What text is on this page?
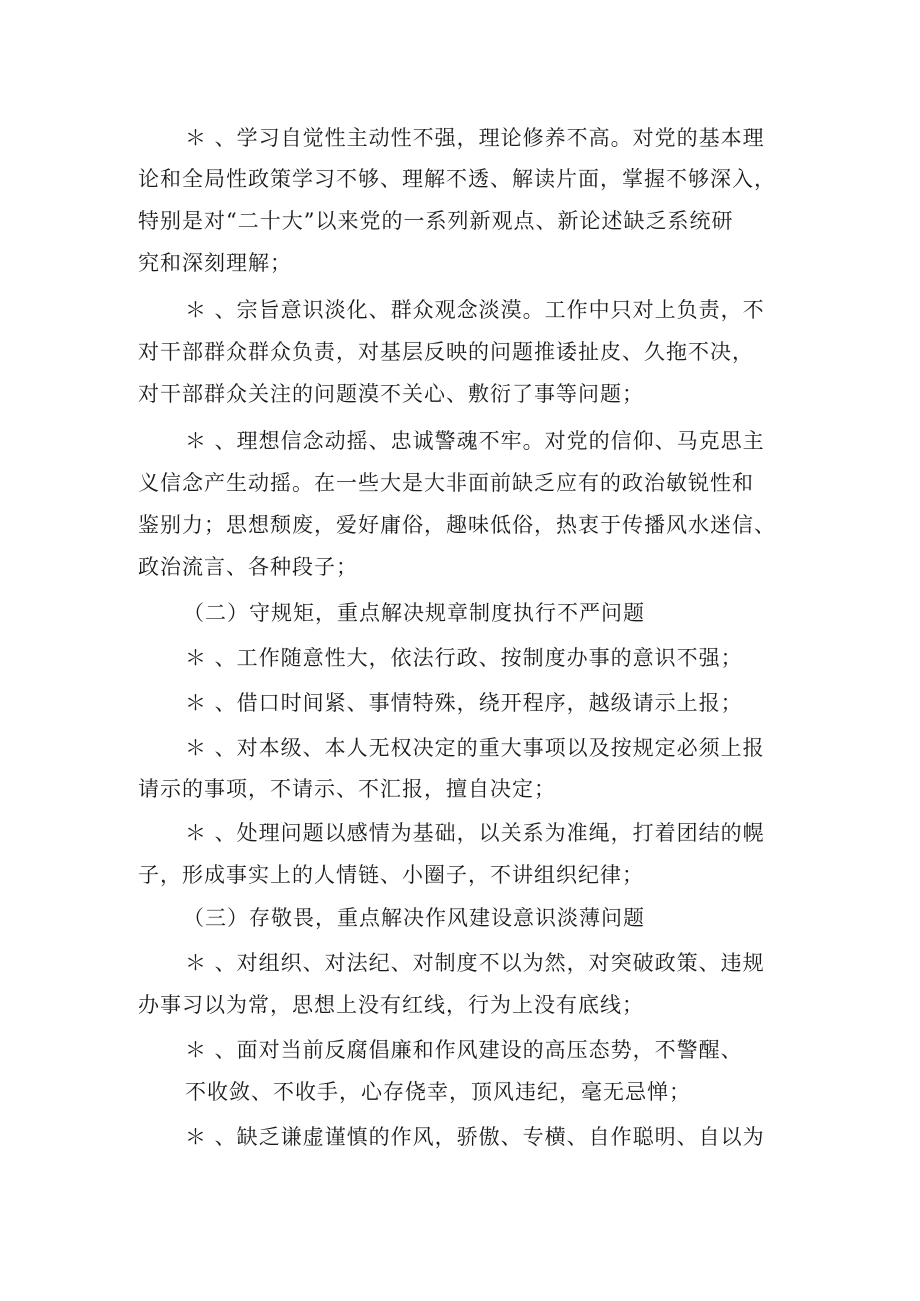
＊ 、学习自觉性主动性不强，理论修养不高。对党的基本理
论和全局性政策学习不够、理解不透、解读片面，掌握不够深入，
特别是对“二十大”以来党的一系列新观点、新论述缺乏系统研
究和深刻理解；
＊ 、宗旨意识淡化、群众观念淡漠。工作中只对上负责，不
对干部群众群众负责，对基层反映的问题推诿扯皮、久拖不决，
对干部群众关注的问题漠不关心、敷衍了事等问题；
＊ 、理想信念动摇、忠诚警魂不牢。对党的信仰、马克思主
义信念产生动摇。在一些大是大非面前缺乏应有的政治敏锐性和
鉴别力；思想颓废，爱好庸俗，趣味低俗，热衷于传播风水迷信、
政治流言、各种段子；
（二）守规矩，重点解决规章制度执行不严问题
＊ 、工作随意性大，依法行政、按制度办事的意识不强；
＊ 、借口时间紧、事情特殊，绕开程序，越级请示上报；
＊ 、对本级、本人无权决定的重大事项以及按规定必须上报
请示的事项，不请示、不汇报，擅自决定；
＊ 、处理问题以感情为基础，以关系为准绳，打着团结的幌
子，形成事实上的人情链、小圈子，不讲组织纪律；
（三）存敬畏，重点解决作风建设意识淡薄问题
＊ 、对组织、对法纪、对制度不以为然，对突破政策、违规
办事习以为常，思想上没有红线，行为上没有底线；
＊ 、面对当前反腐倡廉和作风建设的高压态势，不警醒、
不收敛、不收手，心存侥幸，顶风违纪，毫无忌惮；
＊ 、缺乏谦虚谨慎的作风，骄傲、专横、自作聪明、自以为
